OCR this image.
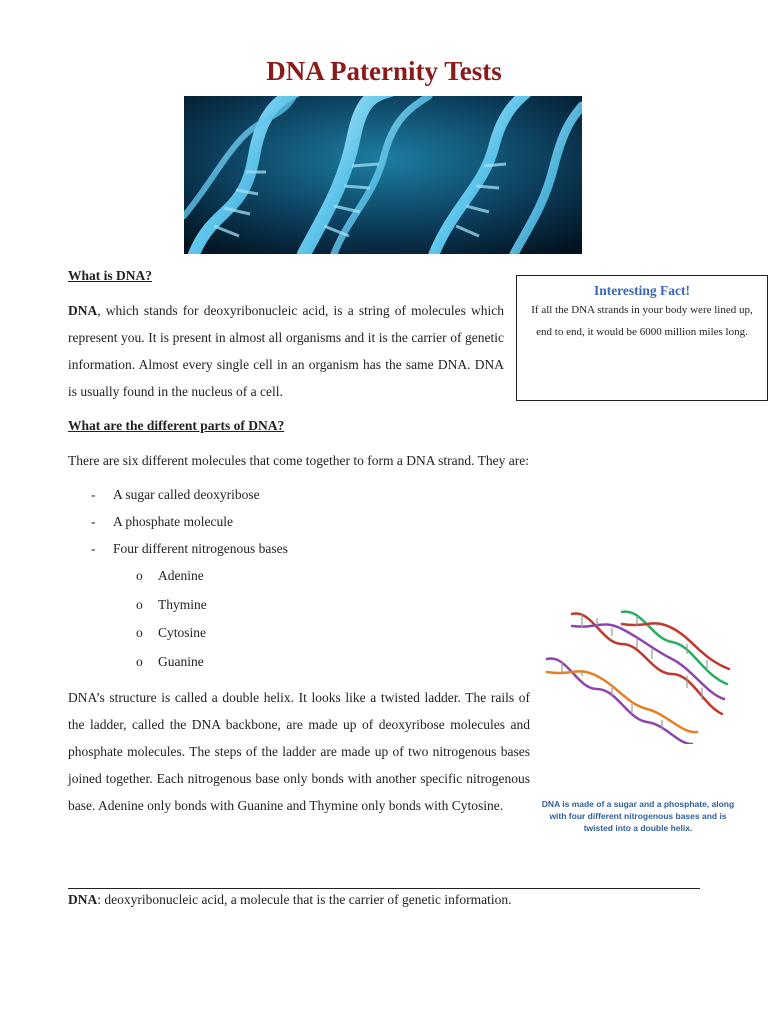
DNA Paternity Tests

What is DNA?

DNA, which stands for deoxyribonucleic acid, is a string of molecules which represent you. It is present in almost all organisms and it is the carrier of genetic information. Almost every single cell in an organism has the same DNA. DNA is usually found in the nucleus of a cell.

Interesting Fact!
If all the DNA strands in your body were lined up, end to end, it would be 6000 million miles long.

What are the different parts of DNA?

There are six different molecules that come together to form a DNA strand. They are:

- A sugar called deoxyribose
- A phosphate molecule
- Four different nitrogenous bases
o Adenine
o Thymine
o Cytosine
o Guanine

DNA’s structure is called a double helix. It looks like a twisted ladder. The rails of the ladder, called the DNA backbone, are made up of deoxyribose molecules and phosphate molecules. The steps of the ladder are made up of two nitrogenous bases joined together. Each nitrogenous base only bonds with another specific nitrogenous base. Adenine only bonds with Guanine and Thymine only bonds with Cytosine.	DNA is made of a sugar and a phosphate, along with four different nitrogenous bases and is twisted into a double helix.

DNA: deoxyribonucleic acid, a molecule that is the carrier of genetic information.
